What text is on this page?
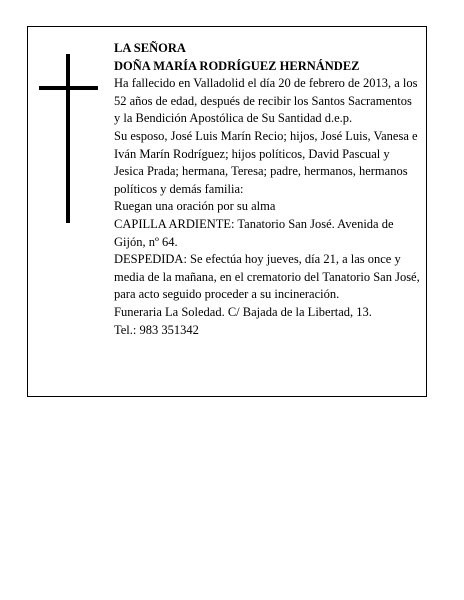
LA SEÑORA

DOÑA MARÍA RODRÍGUEZ HERNÁNDEZ

Ha fallecido en Valladolid el día 20 de febrero de 2013, a los 52 años de edad, después de recibir los Santos Sacramentos y la Bendición Apostólica de Su Santidad d.e.p.

Su esposo, José Luis Marín Recio; hijos, José Luis, Vanesa e Iván Marín Rodríguez; hijos políticos, David Pascual y Jesica Prada; hermana, Teresa; padre, hermanos, hermanos políticos y demás familia:

Ruegan una oración por su alma

CAPILLA ARDIENTE: Tanatorio San José. Avenida de Gijón, nº 64.

DESPEDIDA: Se efectúa hoy jueves, día 21, a las once y media de la mañana, en el crematorio del Tanatorio San José, para acto seguido proceder a su incineración.

Funeraria La Soledad. C/ Bajada de la Libertad, 13.

Tel.: 983 351342
